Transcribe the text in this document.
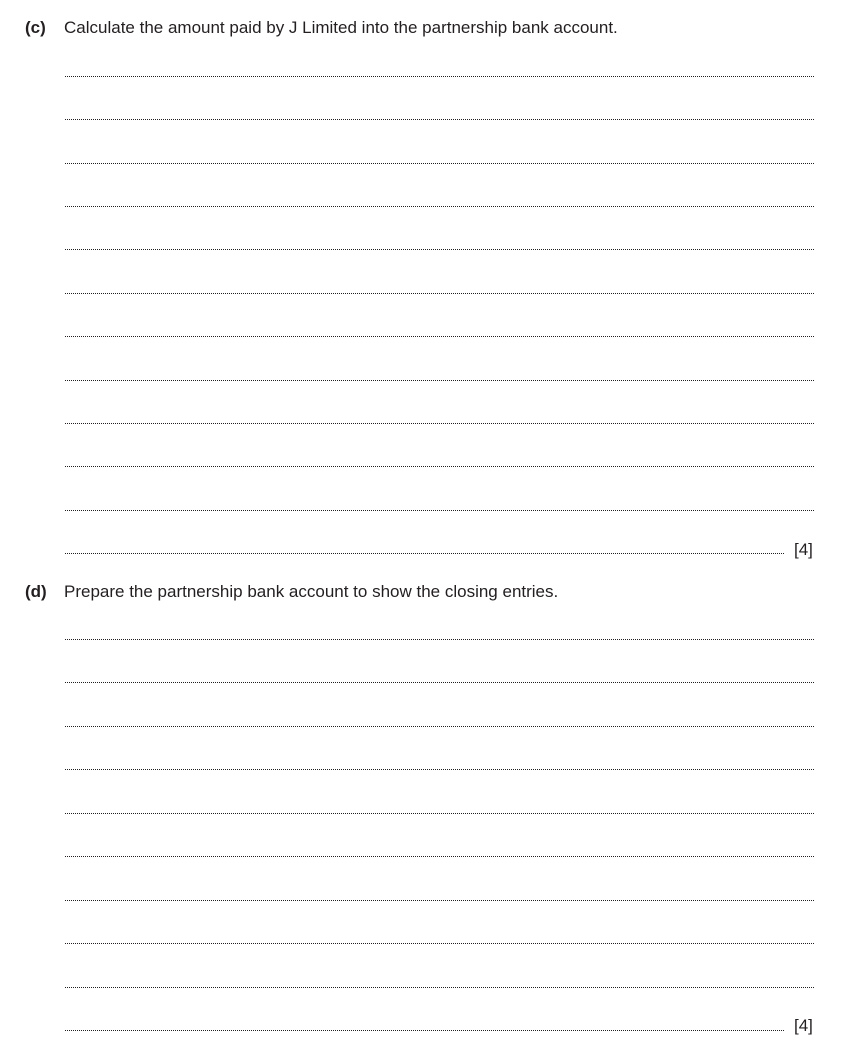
(c) Calculate the amount paid by J Limited into the partnership bank account.
[4]
(d) Prepare the partnership bank account to show the closing entries.
[4]
